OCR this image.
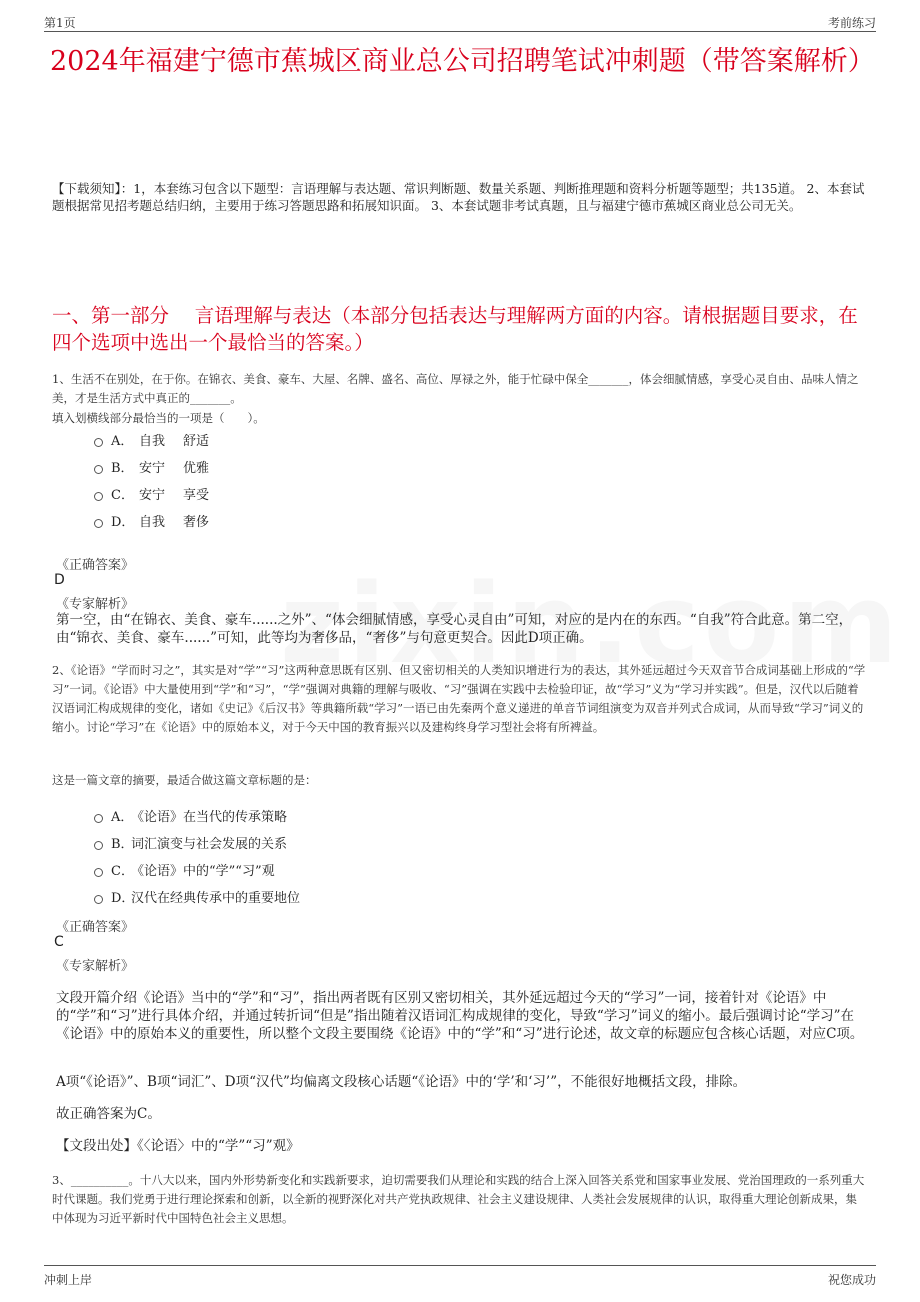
第1页	考前练习
2024年福建宁德市蕉城区商业总公司招聘笔试冲刺题（带答案解析）
【下载须知】：1，本套练习包含以下题型：言语理解与表达题、常识判断题、数量关系题、判断推理题和资料分析题等题型；共135道。 2、本套试题根据常见招考题总结归纳，主要用于练习答题思路和拓展知识面。 3、本套试题非考试真题，且与福建宁德市蕉城区商业总公司无关。
一、第一部分　 言语理解与表达（本部分包括表达与理解两方面的内容。请根据题目要求，在四个选项中选出一个最恰当的答案。）
1、生活不在别处，在于你。在锦衣、美食、豪车、大屋、名牌、盛名、高位、厚禄之外，能于忙碌中保全_______，体会细腻情感，享受心灵自由、品味人情之美，才是生活方式中真正的_______。
填入划横线部分最恰当的一项是（　　）。
A． 自我	舒适
B． 安宁	优雅
C． 安宁	享受
D． 自我	奢侈
《正确答案》
D
《专家解析》
第一空，由“在锦衣、美食、豪车......之外”、“体会细腻情感，享受心灵自由”可知，对应的是内在的东西。“自我”符合此意。第二空，由“锦衣、美食、豪车......”可知，此等均为奢侈品，“奢侈”与句意更契合。因此D项正确。
2、《论语》“学而时习之”，其实是对“学”“习”这两种意思既有区别、但又密切相关的人类知识增进行为的表达，其外延远超过今天双音节合成词基础上形成的“学习”一词。《论语》中大量使用到“学”和“习”，“学”强调对典籍的理解与吸收、“习”强调在实践中去检验印证，故“学习”义为“学习并实践”。但是，汉代以后随着汉语词汇构成规律的变化，诸如《史记》《后汉书》等典籍所载“学习”一语已由先秦两个意义递进的单音节词组演变为双音并列式合成词，从而导致“学习”词义的缩小。讨论“学习”在《论语》中的原始本义，对于今天中国的教育振兴以及建构终身学习型社会将有所裨益。
这是一篇文章的摘要，最适合做这篇文章标题的是：
A．
《论语》在当代的传承策略
B．
词汇演变与社会发展的关系
C．
《论语》中的“学”“习”观
D．
汉代在经典传承中的重要地位
《正确答案》
C
《专家解析》
文段开篇介绍《论语》当中的“学”和“习”，指出两者既有区别又密切相关，其外延远超过今天的“学习”一词，接着针对《论语》中的“学”和“习”进行具体介绍，并通过转折词“但是”指出随着汉语词汇构成规律的变化，导致“学习”词义的缩小。最后强调讨论“学习”在《论语》中的原始本义的重要性，所以整个文段主要围绕《论语》中的“学”和“习”进行论述，故文章的标题应包含核心话题，对应C项。
A项“《论语》”、B项“词汇”、D项“汉代”均偏离文段核心话题“《论语》中的‘学’和‘习’”，不能很好地概括文段，排除。
故正确答案为C。
【文段出处】《〈论语〉中的“学”“习”观》
3、__________。十八大以来，国内外形势新变化和实践新要求，迫切需要我们从理论和实践的结合上深入回答关系党和国家事业发展、党治国理政的一系列重大时代课题。我们党勇于进行理论探索和创新，以全新的视野深化对共产党执政规律、社会主义建设规律、人类社会发展规律的认识，取得重大理论创新成果，集中体现为习近平新时代中国特色社会主义思想。
冲刺上岸	祝您成功
